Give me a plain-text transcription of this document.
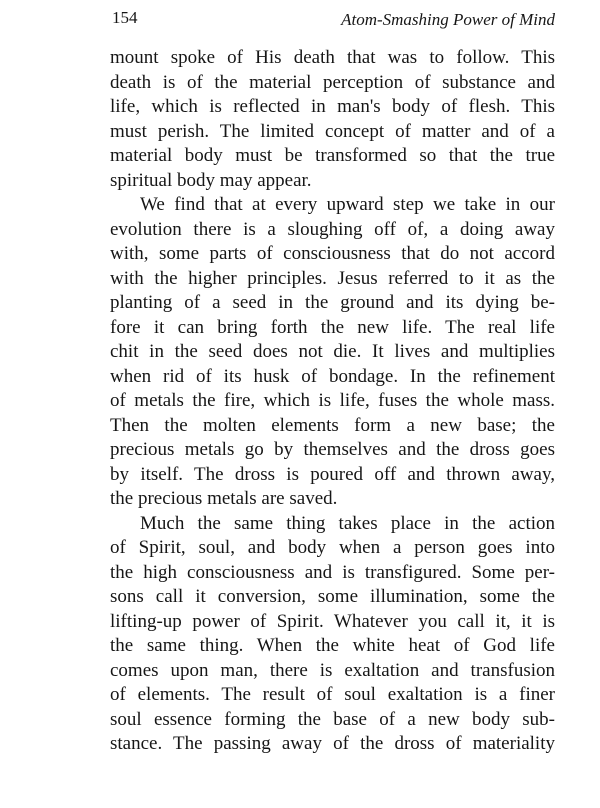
154	Atom-Smashing Power of Mind
mount spoke of His death that was to follow. This
death is of the material perception of substance and
life, which is reflected in man's body of flesh. This
must perish. The limited concept of matter and of a
material body must be transformed so that the true
spiritual body may appear.
We find that at every upward step we take in our
evolution there is a sloughing off of, a doing away
with, some parts of consciousness that do not accord
with the higher principles. Jesus referred to it as the
planting of a seed in the ground and its dying be-
fore it can bring forth the new life. The real life
chit in the seed does not die. It lives and multiplies
when rid of its husk of bondage. In the refinement
of metals the fire, which is life, fuses the whole mass.
Then the molten elements form a new base; the
precious metals go by themselves and the dross goes
by itself. The dross is poured off and thrown away,
the precious metals are saved.
Much the same thing takes place in the action
of Spirit, soul, and body when a person goes into
the high consciousness and is transfigured. Some per-
sons call it conversion, some illumination, some the
lifting-up power of Spirit. Whatever you call it, it is
the same thing. When the white heat of God life
comes upon man, there is exaltation and transfusion
of elements. The result of soul exaltation is a finer
soul essence forming the base of a new body sub-
stance. The passing away of the dross of materiality
